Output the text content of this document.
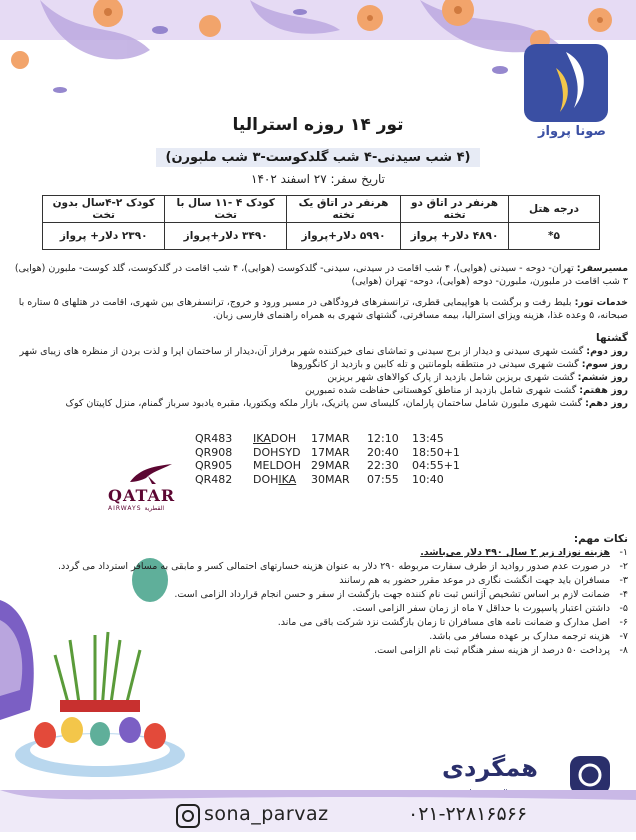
صونا پرواز
تور ۱۴ روزه استرالیا
(۴ شب سیدنی-۴ شب گلدکوست-۳ شب ملبورن)
تاریخ سفر: ۲۷ اسفند ۱۴۰۲
درجه هتل	هرنفر در اتاق دو تخته	هرنفر در اتاق یک تخته	کودک ۴ -۱۱ سال با تخت	کودک ۲-۴سال بدون تخت
۵*	۴۸۹۰ دلار+ پرواز	۵۹۹۰ دلار+پرواز	۳۴۹۰ دلار+پرواز	۲۳۹۰ دلار+ پرواز
مسیرسفر: تهران- دوحه - سیدنی (هوایی)، ۴ شب اقامت در سیدنی، سیدنی- گلدکوست (هوایی)، ۴ شب اقامت در گلدکوست، گلد کوست- ملبورن (هوایی) ۳ شب اقامت در ملبورن، ملبورن- دوحه (هوایی)، دوحه- تهران (هوایی)
خدمات تور: بلیط رفت و برگشت با هواپیمایی قطری، ترانسفرهای فرودگاهی در مسیر ورود و خروج، ترانسفرهای بین شهری، اقامت در هتلهای ۵ ستاره با صبحانه، ۵ وعده غذا، هزینه ویزای استرالیا، بیمه مسافرتی، گشتهای شهری به همراه راهنمای فارسی زبان.
گشتها
روز دوم: گشت شهری سیدنی و دیدار از برج سیدنی و تماشای نمای خیرکننده شهر برفراز آن،دیدار از ساختمان اپرا و لذت بردن از منظره های زیبای شهر
روز سوم: گشت شهری سیدنی در منتطقه بلومانتین و تله کابین و بازدید از کانگوروها
روز ششم: گشت شهری بریزبن شامل بازدید از پارک کوالاهای شهر بریزبن
روز هفتم: گشت شهری شامل بازدید از مناطق کوهستانی حفاظت شده تمبورین
روز دهم: گشت شهری ملبورن شامل ساختمان پارلمان، کلیسای سن پاتریک، بازار ملکه ویکتوریا، مقبره یادبود سرباز گمنام، منزل کاپیتان کوک
QATAR
AIRWAYS القطرية
QR483	IKADOH	17MAR	12:10	13:45
QR908	DOHSYD 17MAR	20:40	18:50+1
QR905	MELDOH 29MAR	22:30	04:55+1
QR482	DOHIKA	30MAR	07:55	10:40
نکات مهم:
۱-
هزینه نوزاد زیر ۲ سال ۴۹۰ دلار می‌باشد.
۲-
در صورت عدم صدور روادید از طرف سفارت مربوطه ۲۹۰ دلار به عنوان هزینه خسارتهای احتمالی کسر و مابقی به مسافر استرداد می گردد.
۳-
مسافران باید جهت انگشت نگاری در موعد مقرر حضور به هم رسانند
۴-
ضمانت لازم بر اساس تشخیص آژانس ثبت نام کننده جهت بازگشت از سفر و حسن انجام قرارداد الزامی است.
۵-
داشتن اعتبار پاسپورت با حداقل ۷ ماه از زمان سفر الزامی است.
۶-
اصل مدارک و ضمانت نامه های مسافران تا زمان بازگشت نزد شرکت باقی می ماند.
۷-
هزینه ترجمه مدارک بر عهده مسافر می باشد.
۸-
پرداخت ۵۰ درصد از هزینه سفر هنگام ثبت نام الزامی است.
همگردی
sona_parvaz	۰۲۱-۲۲۸۱۶۵۶۶
